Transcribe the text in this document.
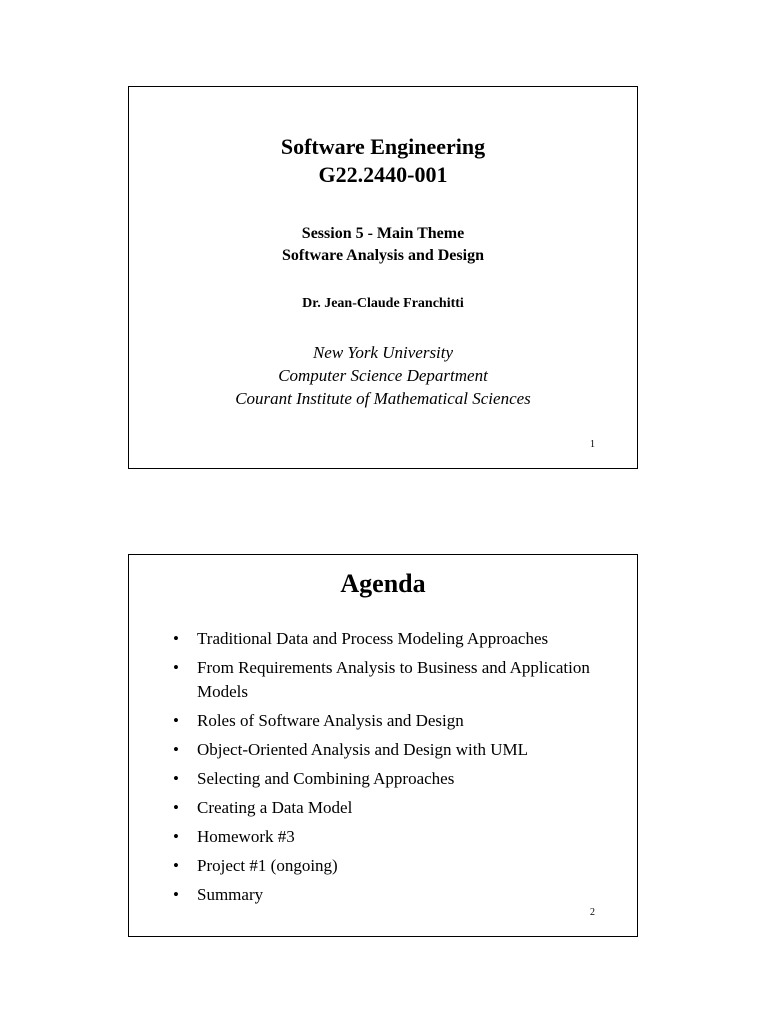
Software Engineering
G22.2440-001
Session 5 - Main Theme
Software Analysis and Design
Dr. Jean-Claude Franchitti
New York University
Computer Science Department
Courant Institute of Mathematical Sciences
1
Agenda
• Traditional Data and Process Modeling Approaches
• From Requirements Analysis to Business and Application Models
• Roles of Software Analysis and Design
• Object-Oriented Analysis and Design with UML
• Selecting and Combining Approaches
• Creating a Data Model
• Homework #3
• Project #1 (ongoing)
• Summary
2
